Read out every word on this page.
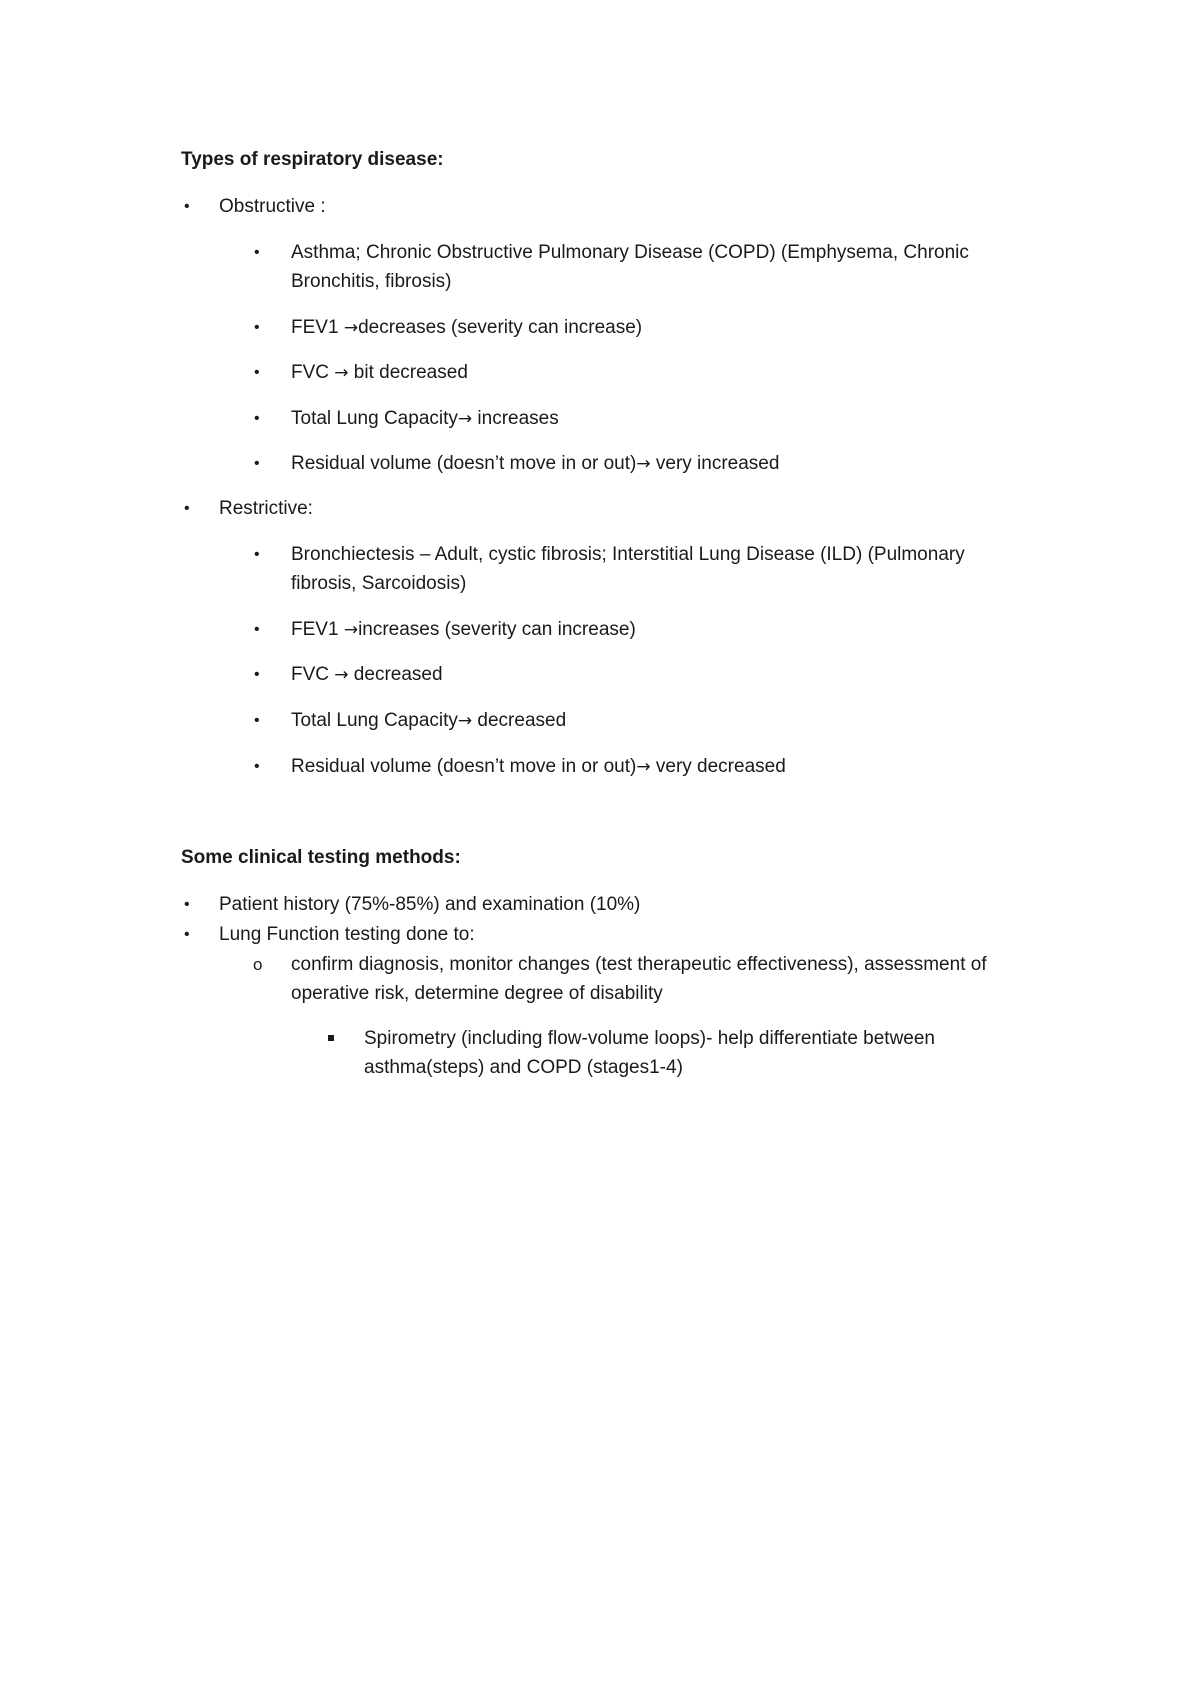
Types of respiratory disease:
• Obstructive :
• Asthma; Chronic Obstructive Pulmonary Disease (COPD) (Emphysema, Chronic
Bronchitis, fibrosis)
• FEV1 →decreases (severity can increase)
• FVC → bit decreased
• Total Lung Capacity→ increases
• Residual volume (doesn’t move in or out)→ very increased
• Restrictive:
• Bronchiectesis – Adult, cystic fibrosis; Interstitial Lung Disease (ILD) (Pulmonary
fibrosis, Sarcoidosis)
• FEV1 →increases (severity can increase)
• FVC → decreased
• Total Lung Capacity→ decreased
• Residual volume (doesn’t move in or out)→ very decreased
Some clinical testing methods:
• Patient history (75%-85%) and examination (10%)
• Lung Function testing done to:
o confirm diagnosis, monitor changes (test therapeutic effectiveness), assessment of
operative risk, determine degree of disability
Spirometry (including flow-volume loops)- help differentiate between
asthma(steps) and COPD (stages1-4)
